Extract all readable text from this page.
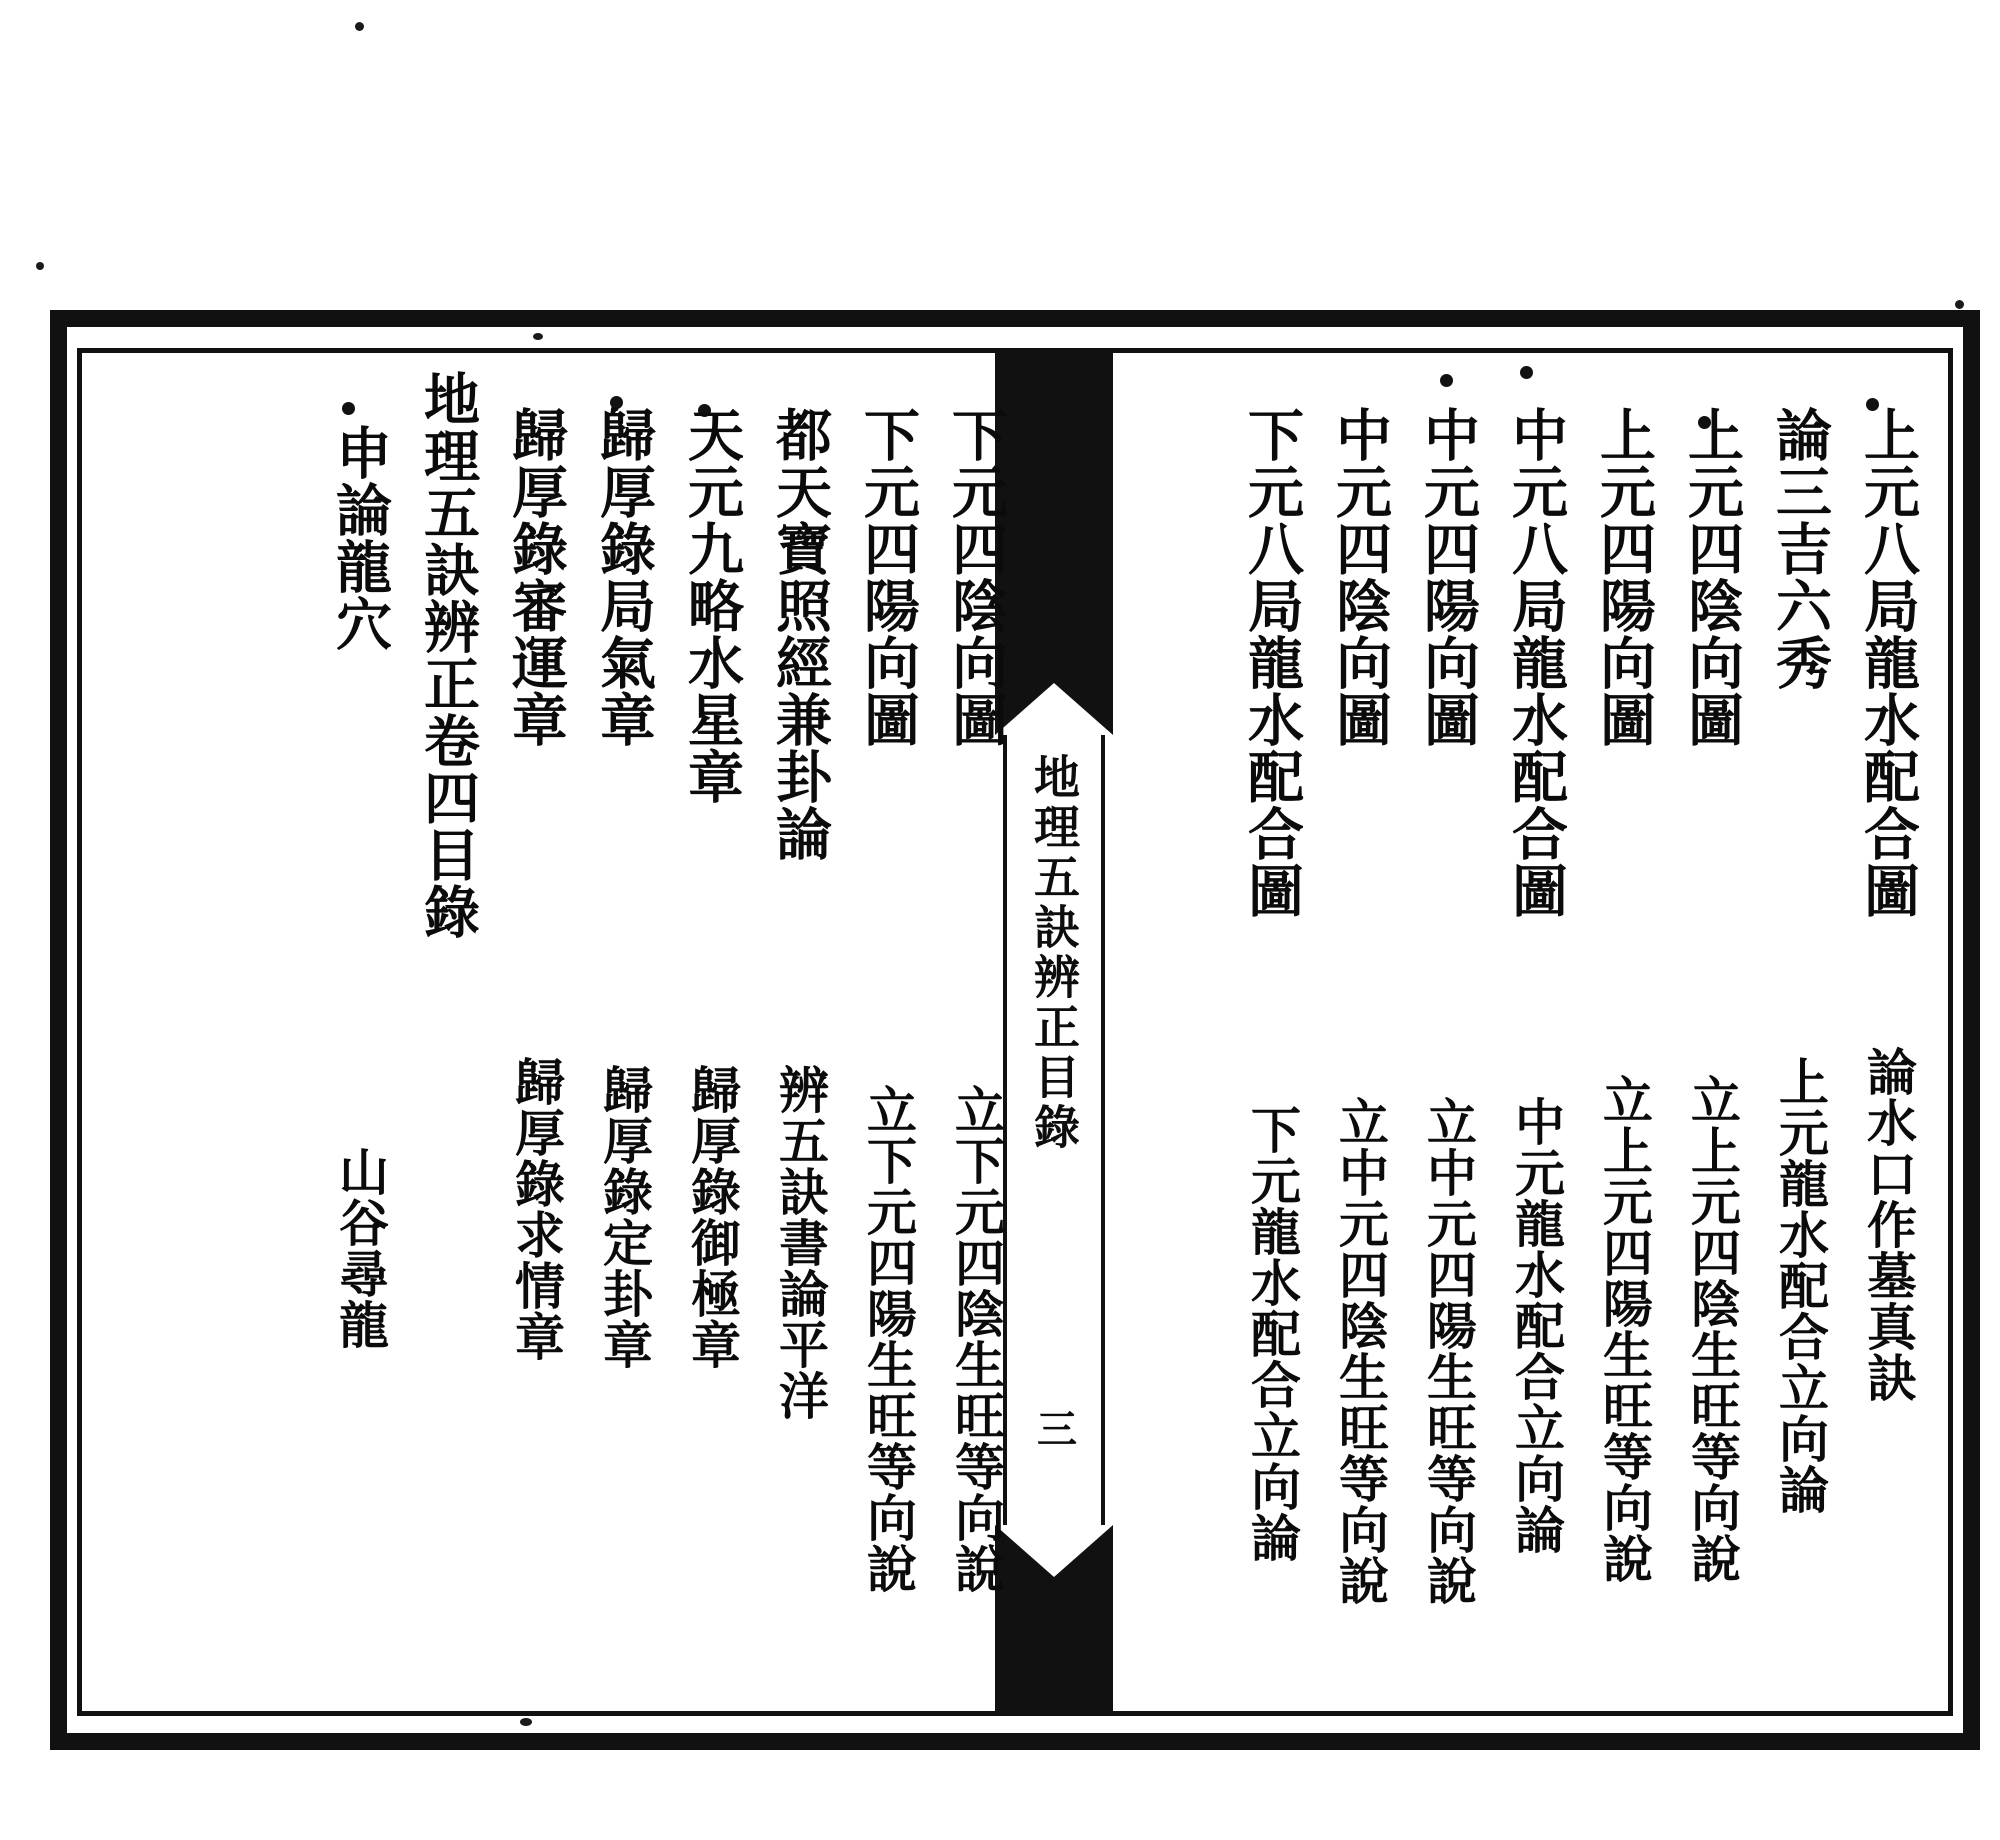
地理五訣辨正目錄
三
上元八局龍水配合圖
論水口作墓真訣
論三吉六秀
上元龍水配合立向論
上元四陰向圖
立上元四陰生旺等向說
上元四陽向圖
立上元四陽生旺等向說
中元八局龍水配合圖
中元龍水配合立向論
中元四陽向圖
立中元四陽生旺等向說
中元四陰向圖
立中元四陰生旺等向說
下元八局龍水配合圖
下元龍水配合立向論
下元四陰向圖
立下元四陰生旺等向說
下元四陽向圖
立下元四陽生旺等向說
都天寶照經兼卦論
辨五訣書論平洋
天元九略水星章
歸厚錄御極章
歸厚錄局氣章
歸厚錄定卦章
歸厚錄審運章
歸厚錄求情章
地理五訣辨正卷四目錄
申論龍穴
山谷尋龍
